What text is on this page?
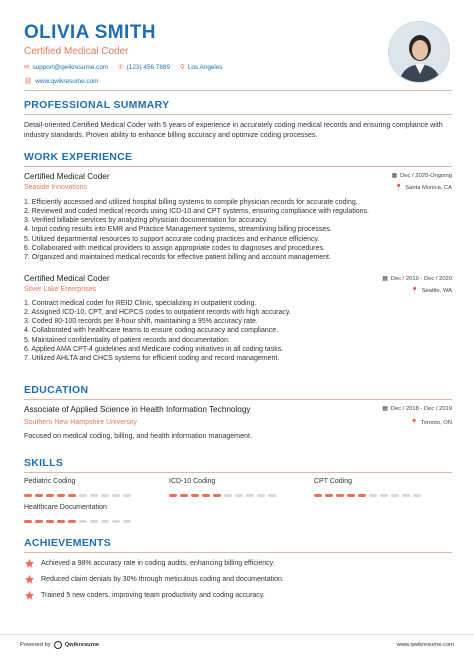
OLIVIA SMITH
Certified Medical Coder
✉ support@qwikresume.com ✆ (123) 456 7889 ⚲ Los Angeles
⛓ www.qwikresume.com
PROFESSIONAL SUMMARY
Detail-oriented Certified Medical Coder with 5 years of experience in accurately coding medical records and ensuring compliance with industry standards. Proven ability to enhance billing accuracy and optimize coding processes.
WORK EXPERIENCE
Certified Medical Coder	▦ Dec / 2020-Ongoing
Seaside Innovations	📍 Santa Monica, CA
1. Efficiently accessed and utilized hospital billing systems to compile physician records for accurate coding.
2. Reviewed and coded medical records using ICD-10 and CPT systems, ensuring compliance with regulations.
3. Verified billable services by analyzing physician documentation for accuracy.
4. Input coding results into EMR and Practice Management systems, streamlining billing processes.
5. Utilized departmental resources to support accurate coding practices and enhance efficiency.
6. Collaborated with medical providers to assign appropriate codes to diagnoses and procedures.
7. Organized and maintained medical records for effective patient billing and account management.
Certified Medical Coder	▦ Dec / 2019 - Dec / 2020
Silver Lake Enterprises	📍 Seattle, WA
1. Contract medical coder for REID Clinic, specializing in outpatient coding.
2. Assigned ICD-10, CPT, and HCPCS codes to outpatient records with high accuracy.
3. Coded 80-100 records per 8-hour shift, maintaining a 95% accuracy rate.
4. Collaborated with healthcare teams to ensure coding accuracy and compliance.
5. Maintained confidentiality of patient records and documentation.
6. Applied AMA CPT-4 guidelines and Medicare coding initiatives in all coding tasks.
7. Utilized AHLTA and CHCS systems for efficient coding and record management.
EDUCATION
Associate of Applied Science in Health Information Technology	▦ Dec / 2018 - Dec / 2019
Southern New Hampshire University	📍 Toronto, ON
Focused on medical coding, billing, and health information management.
SKILLS
Pediatric Coding	ICD-10 Coding	CPT Coding
Healthcare Documentation
ACHIEVEMENTS
Achieved a 98% accuracy rate in coding audits, enhancing billing efficiency.
Reduced claim denials by 30% through meticulous coding and documentation.
Trained 5 new coders, improving team productivity and coding accuracy.
Powered by Qwikresume	www.qwikresume.com
